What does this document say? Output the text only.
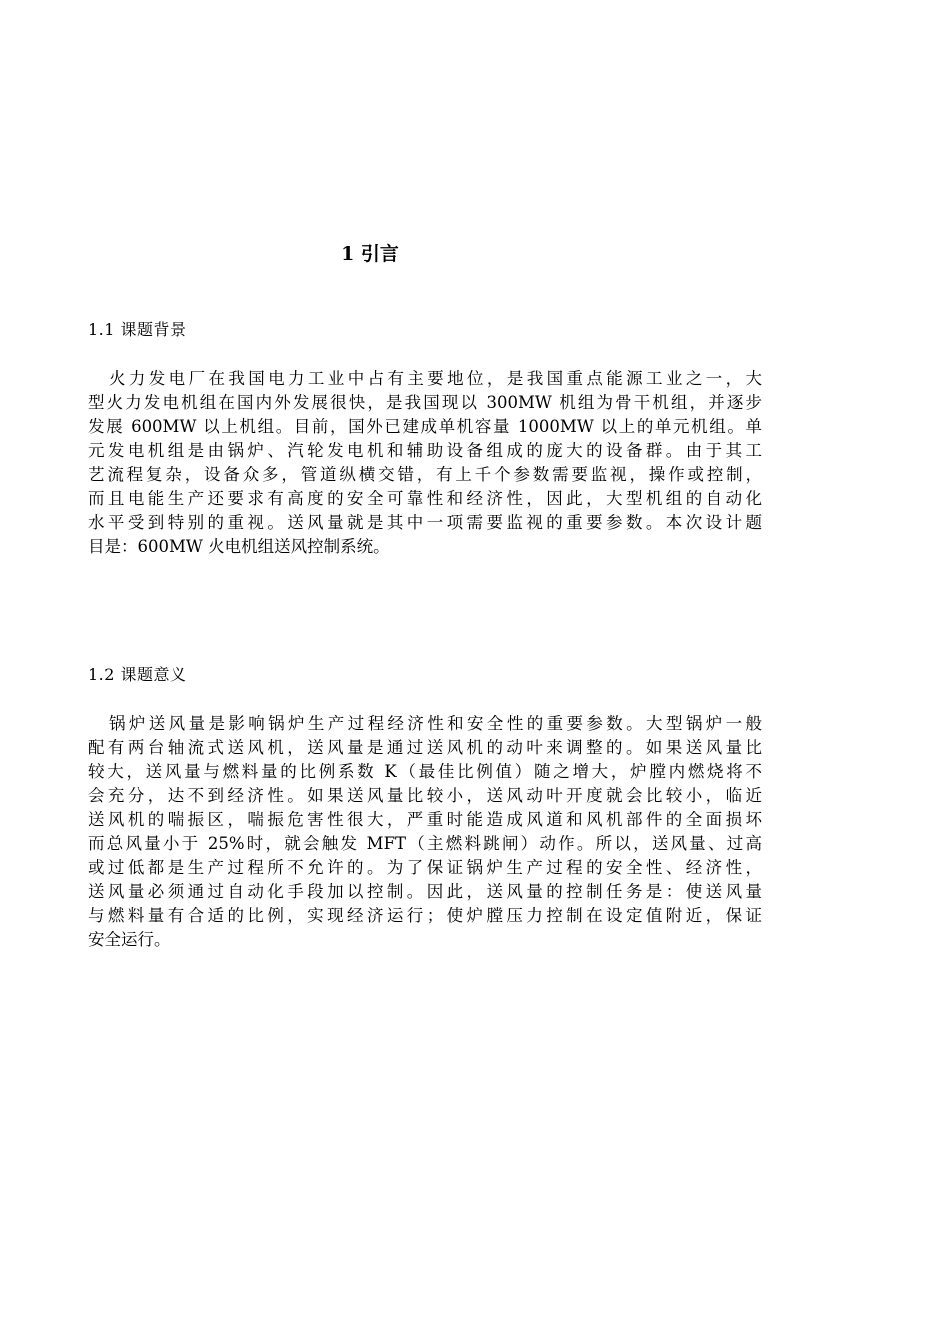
1 引言
1.1 课题背景
火力发电厂在我国电力工业中占有主要地位，是我国重点能源工业之一，大
型火力发电机组在国内外发展很快，是我国现以 300MW 机组为骨干机组，并逐步
发展 600MW 以上机组。目前，国外已建成单机容量 1000MW 以上的单元机组。单
元发电机组是由锅炉、汽轮发电机和辅助设备组成的庞大的设备群。由于其工
艺流程复杂，设备众多，管道纵横交错，有上千个参数需要监视，操作或控制，
而且电能生产还要求有高度的安全可靠性和经济性，因此，大型机组的自动化
水平受到特别的重视。送风量就是其中一项需要监视的重要参数。本次设计题
目是：600MW 火电机组送风控制系统。
1.2 课题意义
锅炉送风量是影响锅炉生产过程经济性和安全性的重要参数。大型锅炉一般
配有两台轴流式送风机，送风量是通过送风机的动叶来调整的。如果送风量比
较大，送风量与燃料量的比例系数 K（最佳比例值）随之增大，炉膛内燃烧将不
会充分，达不到经济性。如果送风量比较小，送风动叶开度就会比较小，临近
送风机的喘振区，喘振危害性很大，严重时能造成风道和风机部件的全面损坏
而总风量小于 25%时，就会触发 MFT（主燃料跳闸）动作。所以，送风量、过高
或过低都是生产过程所不允许的。为了保证锅炉生产过程的安全性、经济性，
送风量必须通过自动化手段加以控制。因此，送风量的控制任务是：使送风量
与燃料量有合适的比例，实现经济运行；使炉膛压力控制在设定值附近，保证
安全运行。
